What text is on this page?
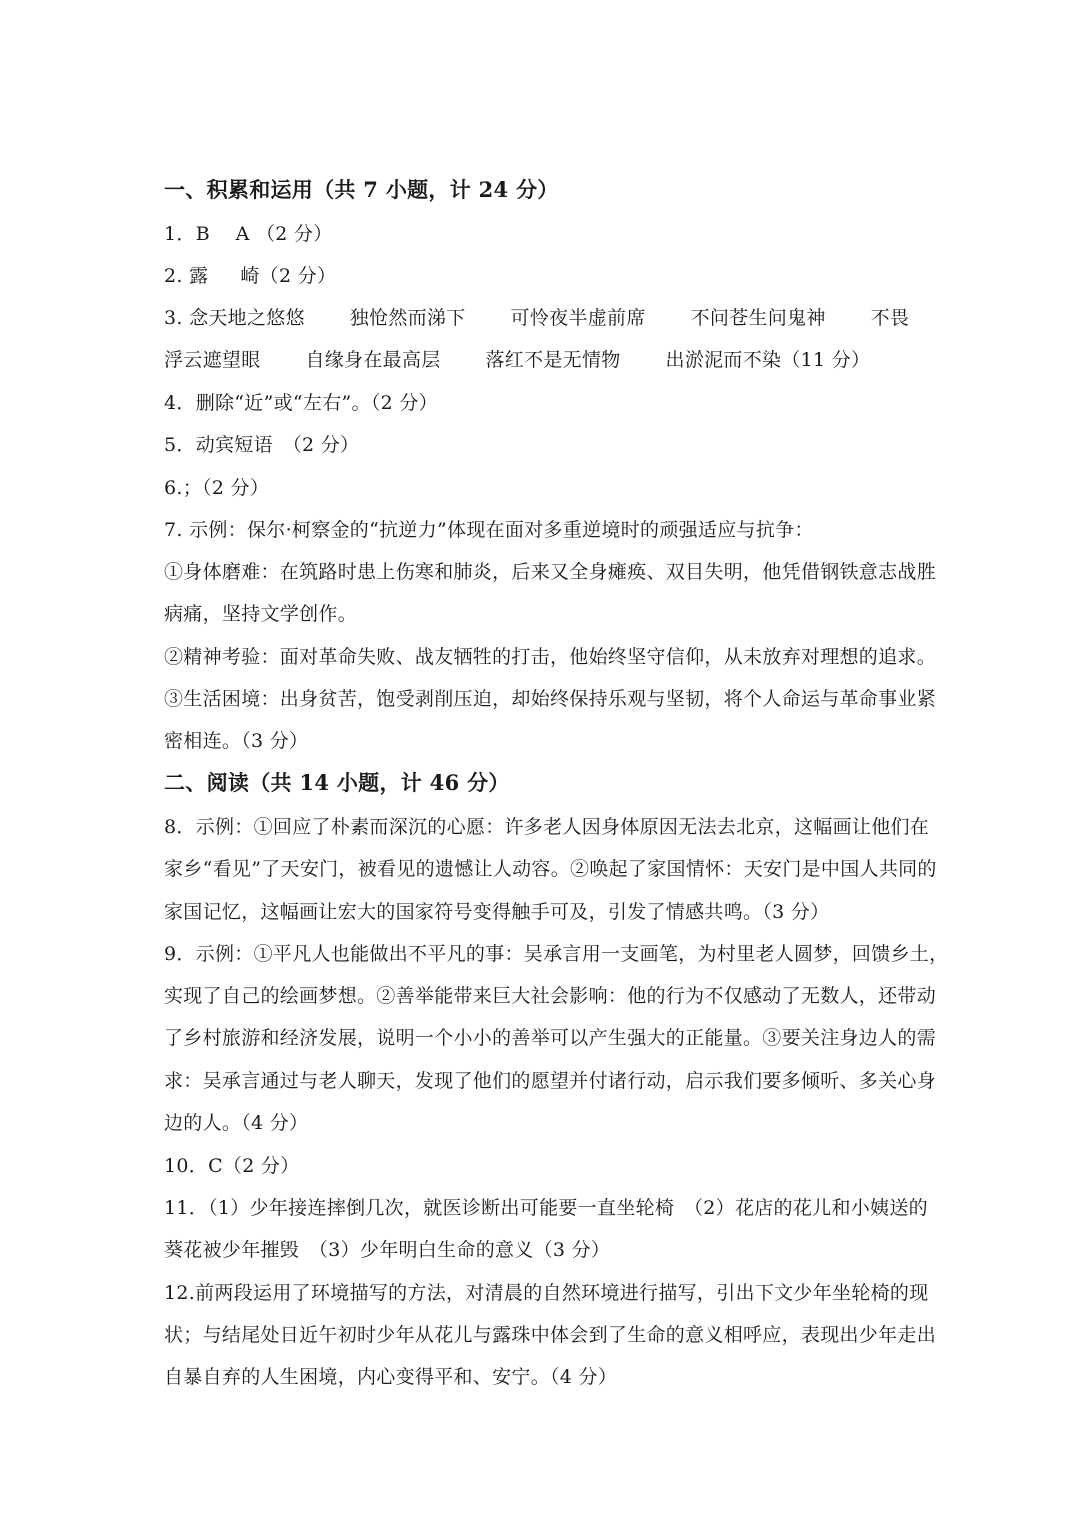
一、积累和运用（共 7 小题，计 24 分）
1．B　 A （2 分）
2. 露　  崎（2 分）
3. 念天地之悠悠　　 独怆然而涕下　　 可怜夜半虚前席　　 不问苍生问鬼神　　 不畏
浮云遮望眼　　 自缘身在最高层　　 落红不是无情物　　 出淤泥而不染（11 分）
4．删除“近”或“左右”。（2 分）
5．动宾短语　（2 分）
6.；（2 分）
7. 示例：保尔·柯察金的“抗逆力”体现在面对多重逆境时的顽强适应与抗争：
①身体磨难：在筑路时患上伤寒和肺炎，后来又全身瘫痪、双目失明，他凭借钢铁意志战胜
病痛，坚持文学创作。
②精神考验：面对革命失败、战友牺牲的打击，他始终坚守信仰，从未放弃对理想的追求。
③生活困境：出身贫苦，饱受剥削压迫，却始终保持乐观与坚韧，将个人命运与革命事业紧
密相连。（3 分）
二、阅读（共 14 小题，计 46 分）
8．示例：①回应了朴素而深沉的心愿：许多老人因身体原因无法去北京，这幅画让他们在
家乡“看见”了天安门，被看见的遗憾让人动容。②唤起了家国情怀：天安门是中国人共同的
家国记忆，这幅画让宏大的国家符号变得触手可及，引发了情感共鸣。（3 分）
9．示例：①平凡人也能做出不平凡的事：吴承言用一支画笔，为村里老人圆梦，回馈乡土，
实现了自己的绘画梦想。②善举能带来巨大社会影响：他的行为不仅感动了无数人，还带动
了乡村旅游和经济发展，说明一个小小的善举可以产生强大的正能量。③要关注身边人的需
求：吴承言通过与老人聊天，发现了他们的愿望并付诸行动，启示我们要多倾听、多关心身
边的人。（4 分）
10．C（2 分）
11．（1）少年接连摔倒几次，就医诊断出可能要一直坐轮椅　（2）花店的花儿和小姨送的
葵花被少年摧毁　（3）少年明白生命的意义（3 分）
12.前两段运用了环境描写的方法，对清晨的自然环境进行描写，引出下文少年坐轮椅的现
状；与结尾处日近午初时少年从花儿与露珠中体会到了生命的意义相呼应，表现出少年走出
自暴自弃的人生困境，内心变得平和、安宁。（4 分）
